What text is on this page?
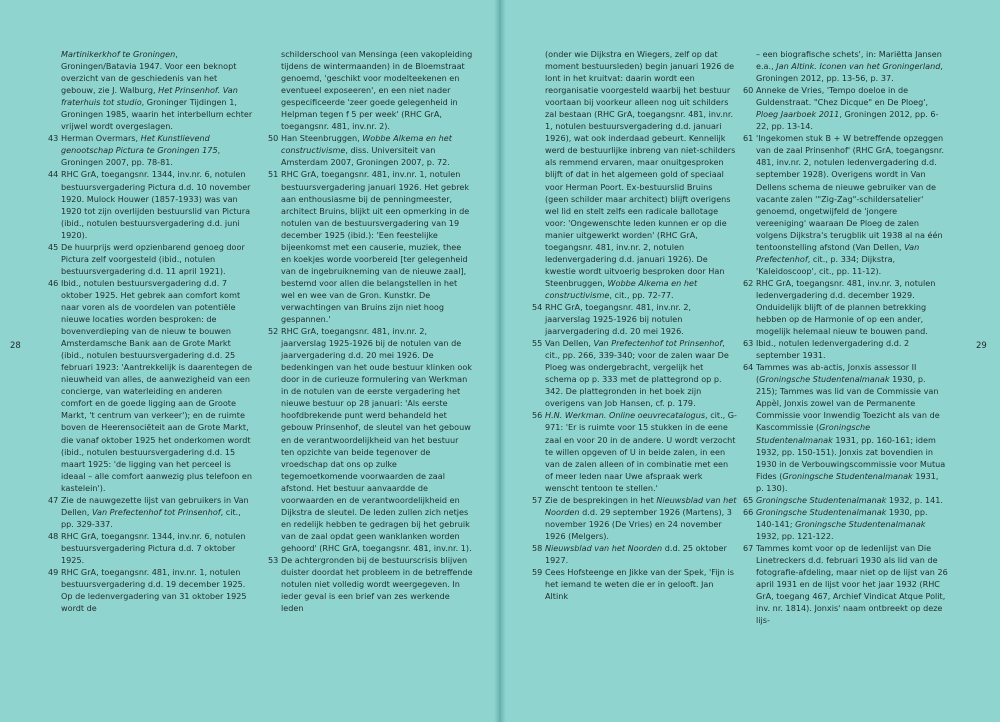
Martinikerkhof te Groningen, Groningen/Batavia 1947. Voor een beknopt overzicht van de geschiedenis van het gebouw, zie J. Walburg, Het Prinsenhof. Van fraterhuis tot studio, Groninger Tijdingen 1, Groningen 1985, waarin het interbellum echter vrijwel wordt overgeslagen.
43 Herman Overmars, Het Kunstlievend genootschap Pictura te Groningen 175, Groningen 2007, pp. 78-81.
44 RHC GrA, toegangsnr. 1344, inv.nr. 6, notulen bestuursvergadering Pictura d.d. 10 november 1920. Mulock Houwer (1857-1933) was van 1920 tot zijn overlijden bestuurslid van Pictura (ibid., notulen bestuursvergadering d.d. juni 1920).
45 De huurprijs werd opzienbarend genoeg door Pictura zelf voorgesteld (ibid., notulen bestuursvergadering d.d. 11 april 1921).
46 Ibid., notulen bestuursvergadering d.d. 7 oktober 1925. Het gebrek aan comfort komt naar voren als de voordelen van potentiële nieuwe locaties worden besproken: de bovenverdieping van de nieuw te bouwen Amsterdamsche Bank aan de Grote Markt (ibid., notulen bestuursvergadering d.d. 25 februari 1923: 'Aantrekkelijk is daarentegen de nieuwheid van alles, de aanwezigheid van een concierge, van waterleiding en anderen comfort en de goede ligging aan de Groote Markt, 't centrum van verkeer'); en de ruimte boven de Heerensociëteit aan de Grote Markt, die vanaf oktober 1925 het onderkomen wordt (ibid., notulen bestuursvergadering d.d. 15 maart 1925: 'de ligging van het perceel is ideaal – alle comfort aanwezig plus telefoon en kastelein').
47 Zie de nauwgezette lijst van gebruikers in Van Dellen, Van Prefectenhof tot Prinsenhof, cit., pp. 329-337.
48 RHC GrA, toegangsnr. 1344, inv.nr. 6, notulen bestuursvergadering Pictura d.d. 7 oktober 1925.
49 RHC GrA, toegangsnr. 481, inv.nr. 1, notulen bestuursvergadering d.d. 19 december 1925. Op de ledenvergadering van 31 oktober 1925 wordt de
schilderschool van Mensinga (een vakopleiding tijdens de wintermaanden) in de Bloemstraat genoemd, 'geschikt voor modelteekenen en eventueel exposeeren', en een niet nader gespecificeerde 'zeer goede gelegenheid in Helpman tegen f 5 per week' (RHC GrA, toegangsnr. 481, inv.nr. 2).
50 Han Steenbruggen, Wobbe Alkema en het constructivisme, diss. Universiteit van Amsterdam 2007, Groningen 2007, p. 72.
51 RHC GrA, toegangsnr. 481, inv.nr. 1, notulen bestuursvergadering januari 1926. Het gebrek aan enthousiasme bij de penningmeester, architect Bruins, blijkt uit een opmerking in de notulen van de bestuursvergadering van 19 december 1925 (ibid.): 'Een feestelijke bijeenkomst met een causerie, muziek, thee en koekjes worde voorbereid [ter gelegenheid van de ingebruikneming van de nieuwe zaal], bestemd voor allen die belangstellen in het wel en wee van de Gron. Kunstkr. De verwachtingen van Bruins zijn niet hoog gespannen.'
52 RHC GrA, toegangsnr. 481, inv.nr. 2, jaarverslag 1925-1926 bij de notulen van de jaarvergadering d.d. 20 mei 1926. De bedenkingen van het oude bestuur klinken ook door in de curieuze formulering van Werkman in de notulen van de eerste vergadering het nieuwe bestuur op 28 januari: 'Als eerste hoofdbrekende punt werd behandeld het gebouw Prinsenhof, de sleutel van het gebouw en de verantwoordelijkheid van het bestuur ten opzichte van beide tegenover de vroedschap dat ons op zulke tegemoetkomende voorwaarden de zaal afstond. Het bestuur aanvaardde de voorwaarden en de verantwoordelijkheid en Dijkstra de sleutel. De leden zullen zich netjes en redelijk hebben te gedragen bij het gebruik van de zaal opdat geen wanklanken worden gehoord' (RHC GrA, toegangsnr. 481, inv.nr. 1).
53 De achtergronden bij de bestuurscrisis blijven duister doordat het probleem in de betreffende notulen niet volledig wordt weergegeven. In ieder geval is een brief van zes werkende leden
(onder wie Dijkstra en Wiegers, zelf op dat moment bestuursleden) begin januari 1926 de lont in het kruitvat: daarin wordt een reorganisatie voorgesteld waarbij het bestuur voortaan bij voorkeur alleen nog uit schilders zal bestaan (RHC GrA, toegangsnr. 481, inv.nr. 1, notulen bestuursvergadering d.d. januari 1926), wat ook inderdaad gebeurt. Kennelijk werd de bestuurlijke inbreng van niet-schilders als remmend ervaren, maar onuitgesproken blijft of dat in het algemeen gold of speciaal voor Herman Poort. Ex-bestuurslid Bruins (geen schilder maar architect) blijft overigens wel lid en stelt zelfs een radicale ballotage voor: 'Ongewenschte leden kunnen er op die manier uitgewerkt worden' (RHC GrA, toegangsnr. 481, inv.nr. 2, notulen ledenvergadering d.d. januari 1926). De kwestie wordt uitvoerig besproken door Han Steenbruggen, Wobbe Alkema en het constructivisme, cit., pp. 72-77.
54 RHC GrA, toegangsnr. 481, inv.nr. 2, jaarverslag 1925-1926 bij notulen jaarvergadering d.d. 20 mei 1926.
55 Van Dellen, Van Prefectenhof tot Prinsenhof, cit., pp. 266, 339-340; voor de zalen waar De Ploeg was ondergebracht, vergelijk het schema op p. 333 met de plattegrond op p. 342. De plattegronden in het boek zijn overigens van Job Hansen, cf. p. 179.
56 H.N. Werkman. Online oeuvrecatalogus, cit., G-971: 'Er is ruimte voor 15 stukken in de eene zaal en voor 20 in de andere. U wordt verzocht te willen opgeven of U in beide zalen, in een van de zalen alleen of in combinatie met een of meer leden naar Uwe afspraak werk wenscht tentoon te stellen.'
57 Zie de besprekingen in het Nieuwsblad van het Noorden d.d. 29 september 1926 (Martens), 3 november 1926 (De Vries) en 24 november 1926 (Melgers).
58 Nieuwsblad van het Noorden d.d. 25 oktober 1927.
59 Cees Hofsteenge en Jikke van der Spek, 'Fijn is het iemand te weten die er in gelooft. Jan Altink
– een biografische schets', in: Mariëtta Jansen e.a., Jan Altink. Iconen van het Groningerland, Groningen 2012, pp. 13-56, p. 37.
60 Anneke de Vries, 'Tempo doeloe in de Guldenstraat. "Chez Dicque" en De Ploeg', Ploeg Jaarboek 2011, Groningen 2012, pp. 6-22, pp. 13-14.
61 'Ingekomen stuk B + W betreffende opzeggen van de zaal Prinsenhof' (RHC GrA, toegangsnr. 481, inv.nr. 2, notulen ledenvergadering d.d. september 1928). Overigens wordt in Van Dellens schema de nieuwe gebruiker van de vacante zalen '"Zig-Zag"-schildersatelier' genoemd, ongetwijfeld de 'jongere vereeniging' waaraan De Ploeg de zalen volgens Dijkstra's terugblik uit 1938 al na één tentoonstelling afstond (Van Dellen, Van Prefectenhof, cit., p. 334; Dijkstra, 'Kaleidoscoop', cit., pp. 11-12).
62 RHC GrA, toegangsnr. 481, inv.nr. 3, notulen ledenvergadering d.d. december 1929. Onduidelijk blijft of de plannen betrekking hebben op de Harmonie of op een ander, mogelijk helemaal nieuw te bouwen pand.
63 Ibid., notulen ledenvergadering d.d. 2 september 1931.
64 Tammes was ab-actis, Jonxis assessor II (Groningsche Studentenalmanak 1930, p. 215); Tammes was lid van de Commissie van Appèl, Jonxis zowel van de Permanente Commissie voor Inwendig Toezicht als van de Kascommissie (Groningsche Studentenalmanak 1931, pp. 160-161; idem 1932, pp. 150-151). Jonxis zat bovendien in 1930 in de Verbouwingscommissie voor Mutua Fides (Groningsche Studentenalmanak 1931, p. 130).
65 Groningsche Studentenalmanak 1932, p. 141.
66 Groningsche Studentenalmanak 1930, pp. 140-141; Groningsche Studentenalmanak 1932, pp. 121-122.
67 Tammes komt voor op de ledenlijst van Die Linetreckers d.d. februari 1930 als lid van de fotografie-afdeling, maar niet op de lijst van 26 april 1931 en de lijst voor het jaar 1932 (RHC GrA, toegang 467, Archief Vindicat Atque Polit, inv. nr. 1814). Jonxis' naam ontbreekt op deze lijs-
28	29
